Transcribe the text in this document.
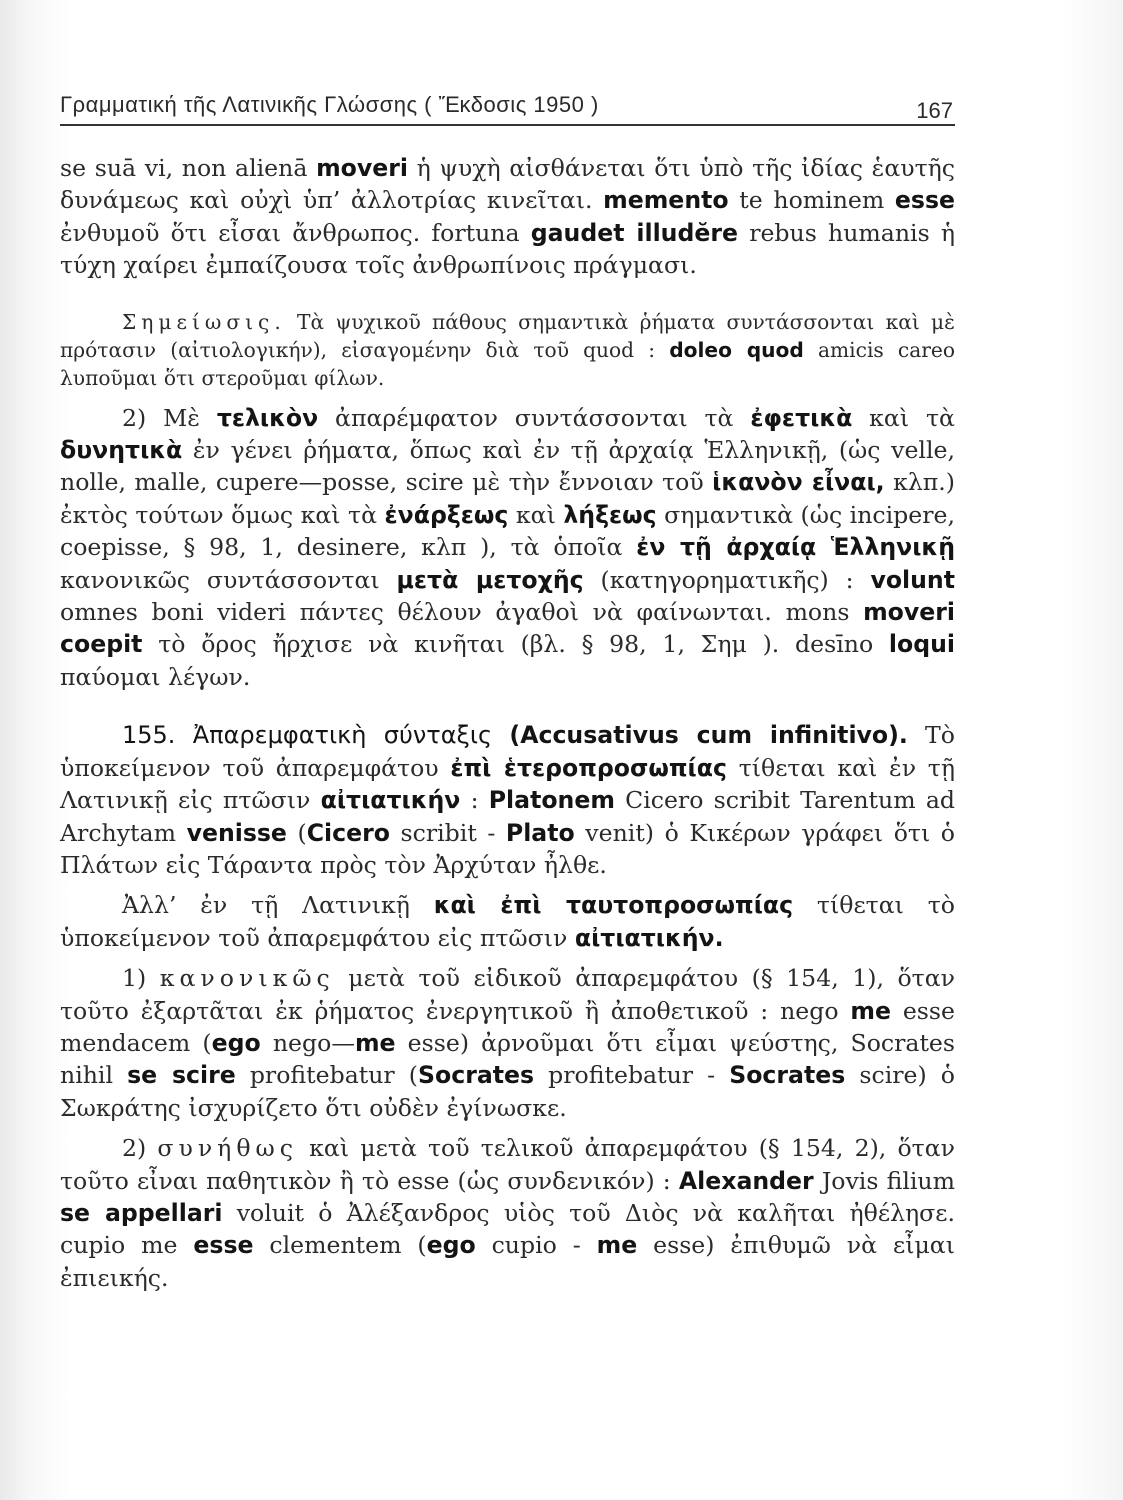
Γραμματική τῆς Λατινικῆς Γλώσσης ( Ἔκδοσις 1950 )	167

se suā vi, non alienā moveri ἡ ψυχὴ αἰσθάνεται ὅτι ὑπὸ τῆς ἰδίας ἑαυτῆς δυνάμεως καὶ οὐχὶ ὑπ’ ἀλλοτρίας κινεῖται. memento te hominem esse ἐνθυμοῦ ὅτι εἶσαι ἄνθρωπος. fortuna gaudet illudĕre rebus humanis ἡ τύχη χαίρει ἐμπαίζουσα τοῖς ἀνθρωπίνοις πράγμασι.

Σημείωσις. Τὰ ψυχικοῦ πάθους σημαντικὰ ῥήματα συντάσσονται καὶ μὲ πρότασιν (αἰτιολογικήν), εἰσαγομένην διὰ τοῦ quod : doleo quod amicis careo λυποῦμαι ὅτι στεροῦμαι φίλων.

2) Μὲ τελικὸν ἀπαρέμφατον συντάσσονται τὰ ἐφετικὰ καὶ τὰ δυνητικὰ ἐν γένει ῥήματα, ὅπως καὶ ἐν τῇ ἀρχαίᾳ Ἑλληνικῇ, (ὡς velle, nolle, malle, cupere—posse, scire μὲ τὴν ἔννοιαν τοῦ ἱκανὸν εἶναι, κλπ.) ἐκτὸς τούτων ὅμως καὶ τὰ ἐνάρξεως καὶ λήξεως σημαντικὰ (ὡς incipere, coepisse, § 98, 1, desinere, κλπ ), τὰ ὁποῖα ἐν τῇ ἀρχαίᾳ Ἑλληνικῇ κανονικῶς συντάσσονται μετὰ μετοχῆς (κατηγορηματικῆς) : volunt omnes boni videri πάντες θέλουν ἀγαθοὶ νὰ φαίνωνται. mons moveri coepit τὸ ὄρος ἤρχισε νὰ κινῆται (βλ. § 98, 1, Σημ ). desīno loqui παύομαι λέγων.

155. Ἀπαρεμφατικὴ σύνταξις (Accusativus cum infinitivo). Τὸ ὑποκείμενον τοῦ ἀπαρεμφάτου ἐπὶ ἑτεροπροσωπίας τίθεται καὶ ἐν τῇ Λατινικῇ εἰς πτῶσιν αἰτιατικήν : Platonem Cicero scribit Tarentum ad Archytam venisse (Cicero scribit - Plato venit) ὁ Κικέρων γράφει ὅτι ὁ Πλάτων εἰς Τάραντα πρὸς τὸν Ἀρχύταν ἦλθε.

Ἀλλ’ ἐν τῇ Λατινικῇ καὶ ἐπὶ ταυτοπροσωπίας τίθεται τὸ ὑποκείμενον τοῦ ἀπαρεμφάτου εἰς πτῶσιν αἰτιατικήν.

1) κανονικῶς μετὰ τοῦ εἰδικοῦ ἀπαρεμφάτου (§ 154, 1), ὅταν τοῦτο ἐξαρτᾶται ἐκ ῥήματος ἐνεργητικοῦ ἢ ἀποθετικοῦ : nego me esse mendacem (ego nego—me esse) ἀρνοῦμαι ὅτι εἶμαι ψεύστης, Socrates nihil se scire profitebatur (Socrates profitebatur - Socrates scire) ὁ Σωκράτης ἰσχυρίζετο ὅτι οὐδὲν ἐγίνωσκε.

2) συνήθως καὶ μετὰ τοῦ τελικοῦ ἀπαρεμφάτου (§ 154, 2), ὅταν τοῦτο εἶναι παθητικὸν ἢ τὸ esse (ὡς συνδενικόν) : Alexander Jovis filium se appellari voluit ὁ Ἀλέξανδρος υἱὸς τοῦ Διὸς νὰ καλῆται ἠθέλησε. cupio me esse clementem (ego cupio - me esse) ἐπιθυμῶ νὰ εἶμαι ἐπιεικής.
